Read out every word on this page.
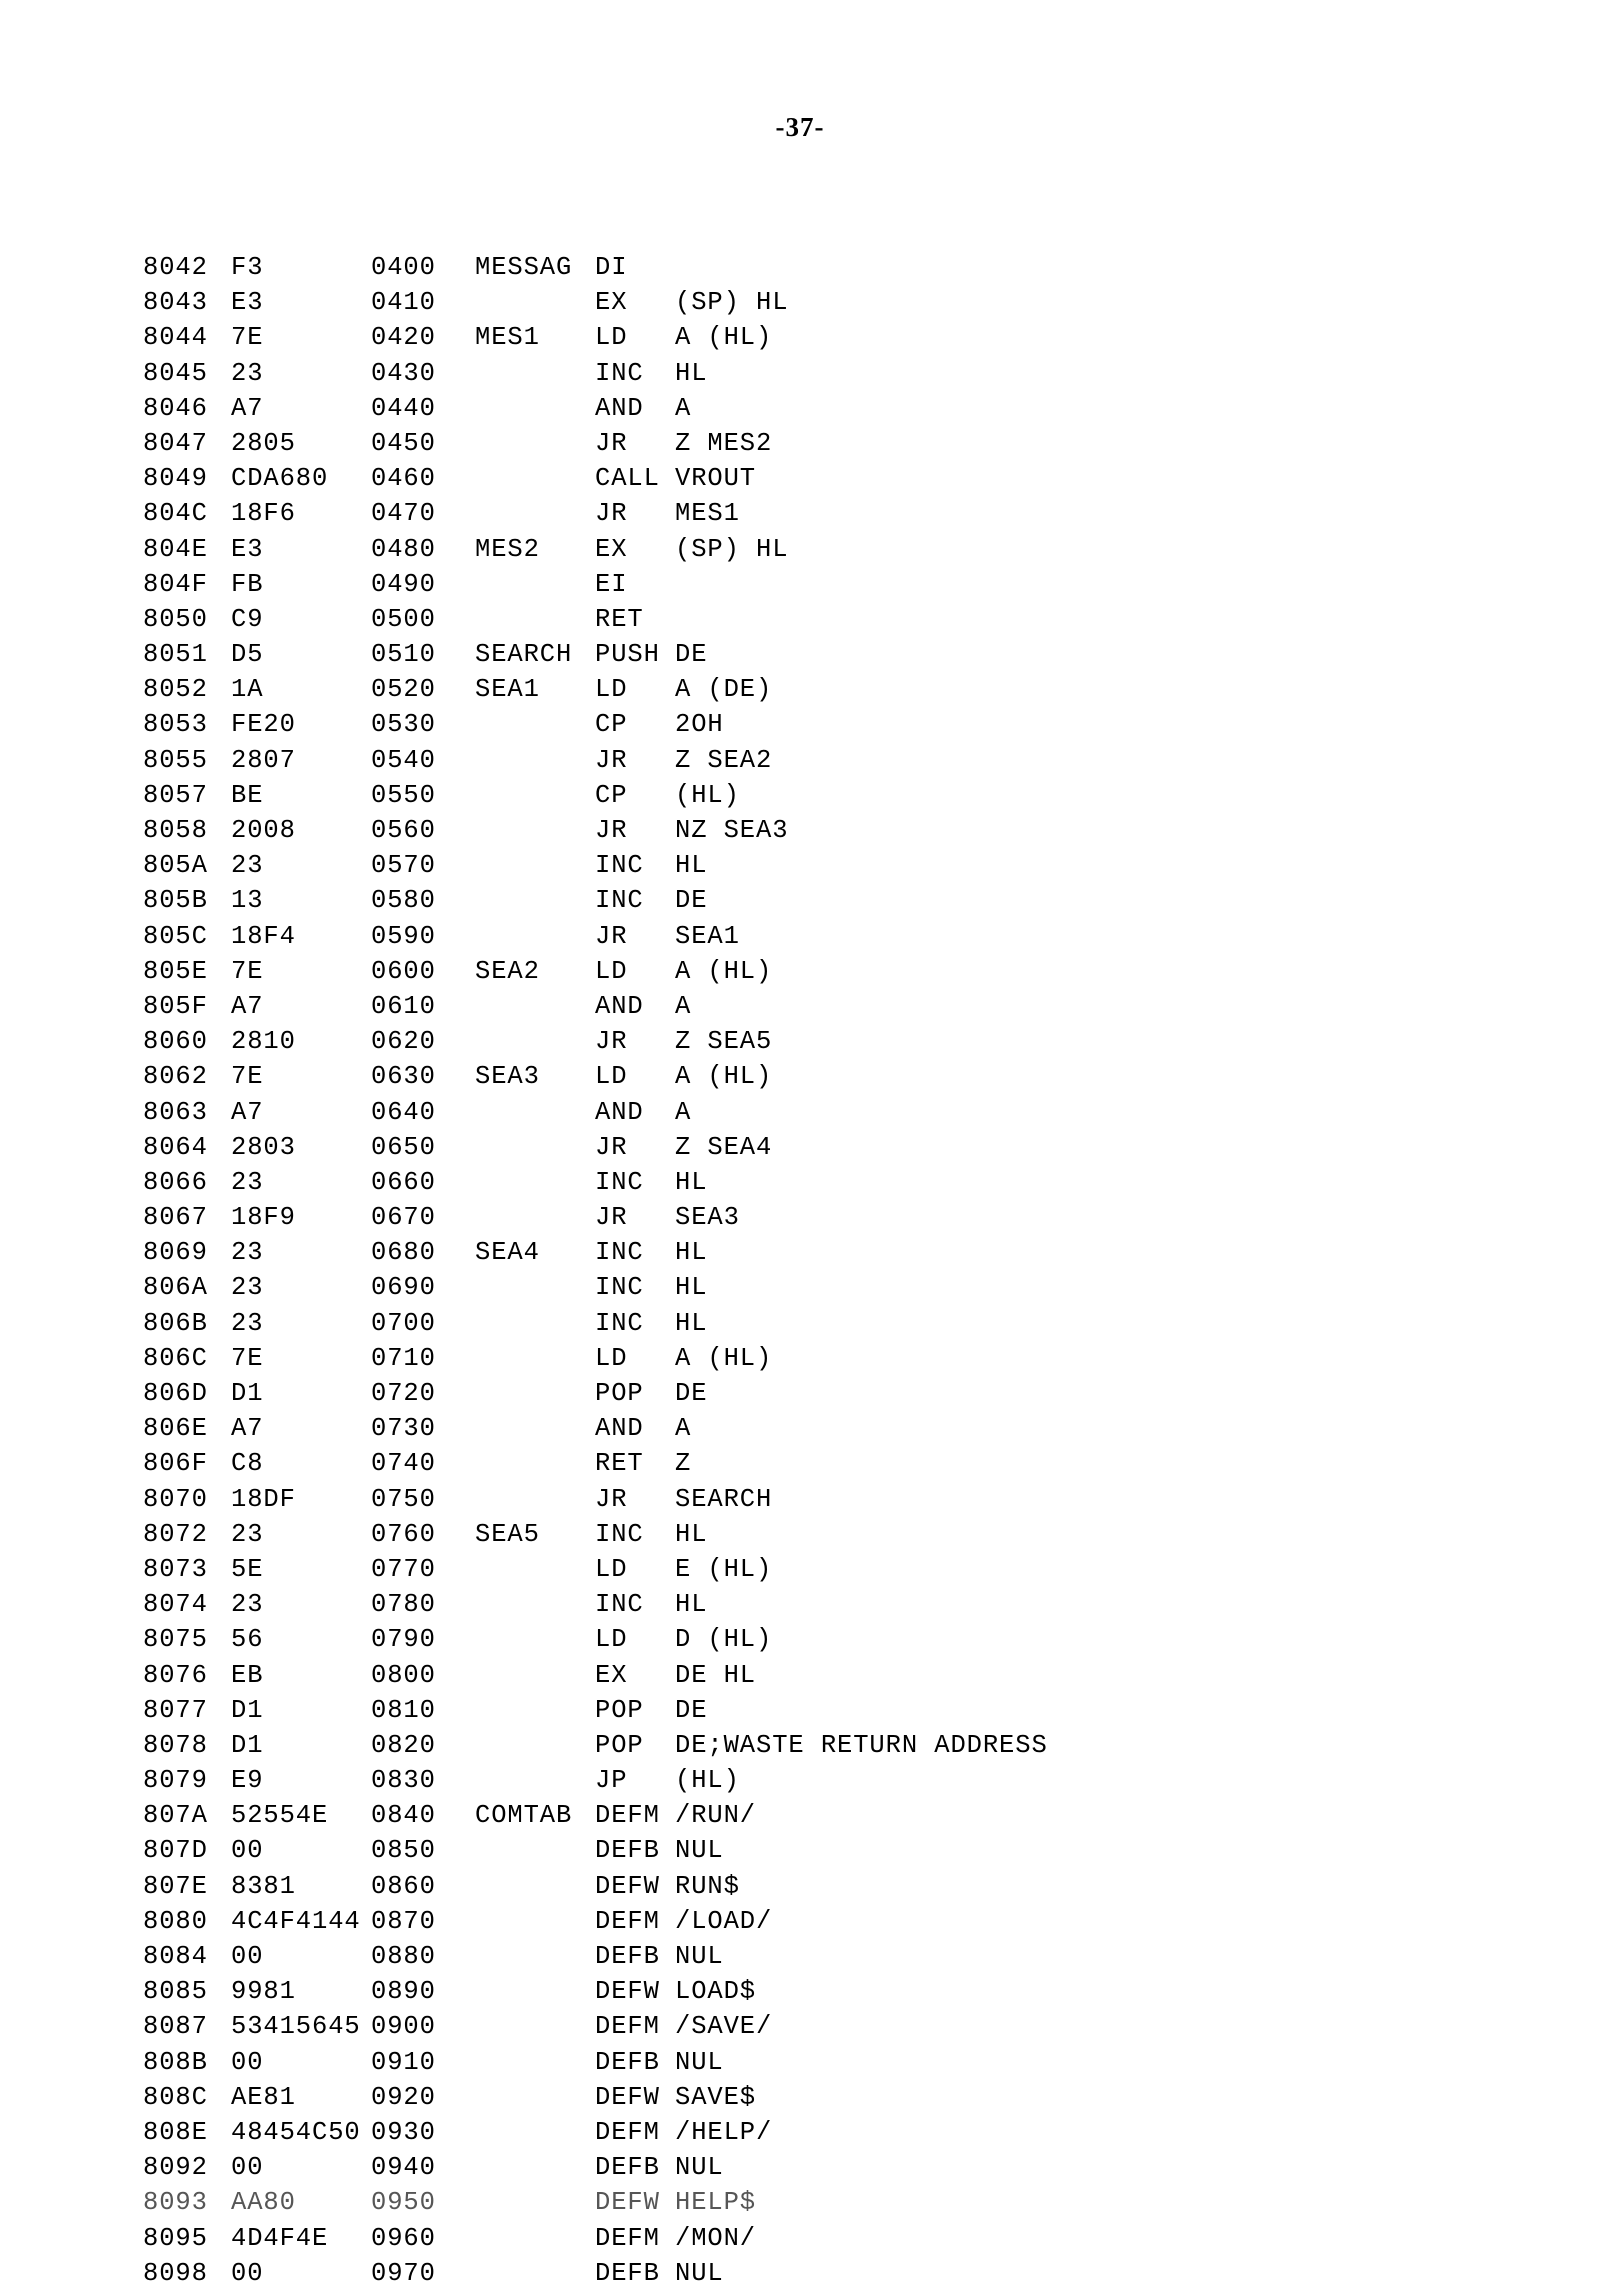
-37-
8042 F3	0400 MESSAG DI
8043 E3	0410	EX (SP) HL
8044 7E	0420 MES1 LD A (HL)
8045 23	0430	INC HL
8046 A7	0440	AND A
8047 2805	0450	JR Z MES2
8049 CDA680 0460	CALL VROUT
804C 18F6	0470	JR MES1
804E E3	0480 MES2 EX (SP) HL
804F FB	0490	EI
8050 C9	0500	RET
8051 D5	0510 SEARCH PUSH DE
8052 1A	0520 SEA1 LD A (DE)
8053 FE20	0530	CP 2OH
8055 2807	0540	JR Z SEA2
8057 BE	0550	CP (HL)
8058 2008	0560	JR NZ SEA3
805A 23	0570	INC HL
805B 13	0580	INC DE
805C 18F4	0590	JR SEA1
805E 7E	0600 SEA2 LD A (HL)
805F A7	0610	AND A
8060 2810	0620	JR Z SEA5
8062 7E	0630 SEA3 LD A (HL)
8063 A7	0640	AND A
8064 2803	0650	JR Z SEA4
8066 23	0660	INC HL
8067 18F9	0670	JR SEA3
8069 23	0680 SEA4 INC HL
806A 23	0690	INC HL
806B 23	0700	INC HL
806C 7E	0710	LD A (HL)
806D D1	0720	POP DE
806E A7	0730	AND A
806F C8	0740	RET Z
8070 18DF	0750	JR SEARCH
8072 23	0760 SEA5 INC HL
8073 5E	0770	LD E (HL)
8074 23	0780	INC HL
8075 56	0790	LD D (HL)
8076 EB	0800	EX DE HL
8077 D1	0810	POP DE
8078 D1	0820	POP DE;WASTE RETURN ADDRESS
8079 E9	0830	JP (HL)
807A 52554E 0840 COMTAB DEFM /RUN/
807D 00	0850	DEFB NUL
807E 8381	0860	DEFW RUN$
8080 4C4F4144 0870	DEFM /LOAD/
8084 00	0880	DEFB NUL
8085 9981	0890	DEFW LOAD$
8087 53415645 0900	DEFM /SAVE/
808B 00	0910	DEFB NUL
808C AE81	0920	DEFW SAVE$
808E 48454C50 0930	DEFM /HELP/
8092 00	0940	DEFB NUL
8093 AA80	0950	DEFW HELP$
8095 4D4F4E 0960	DEFM /MON/
8098 00	0970	DEFB NUL
